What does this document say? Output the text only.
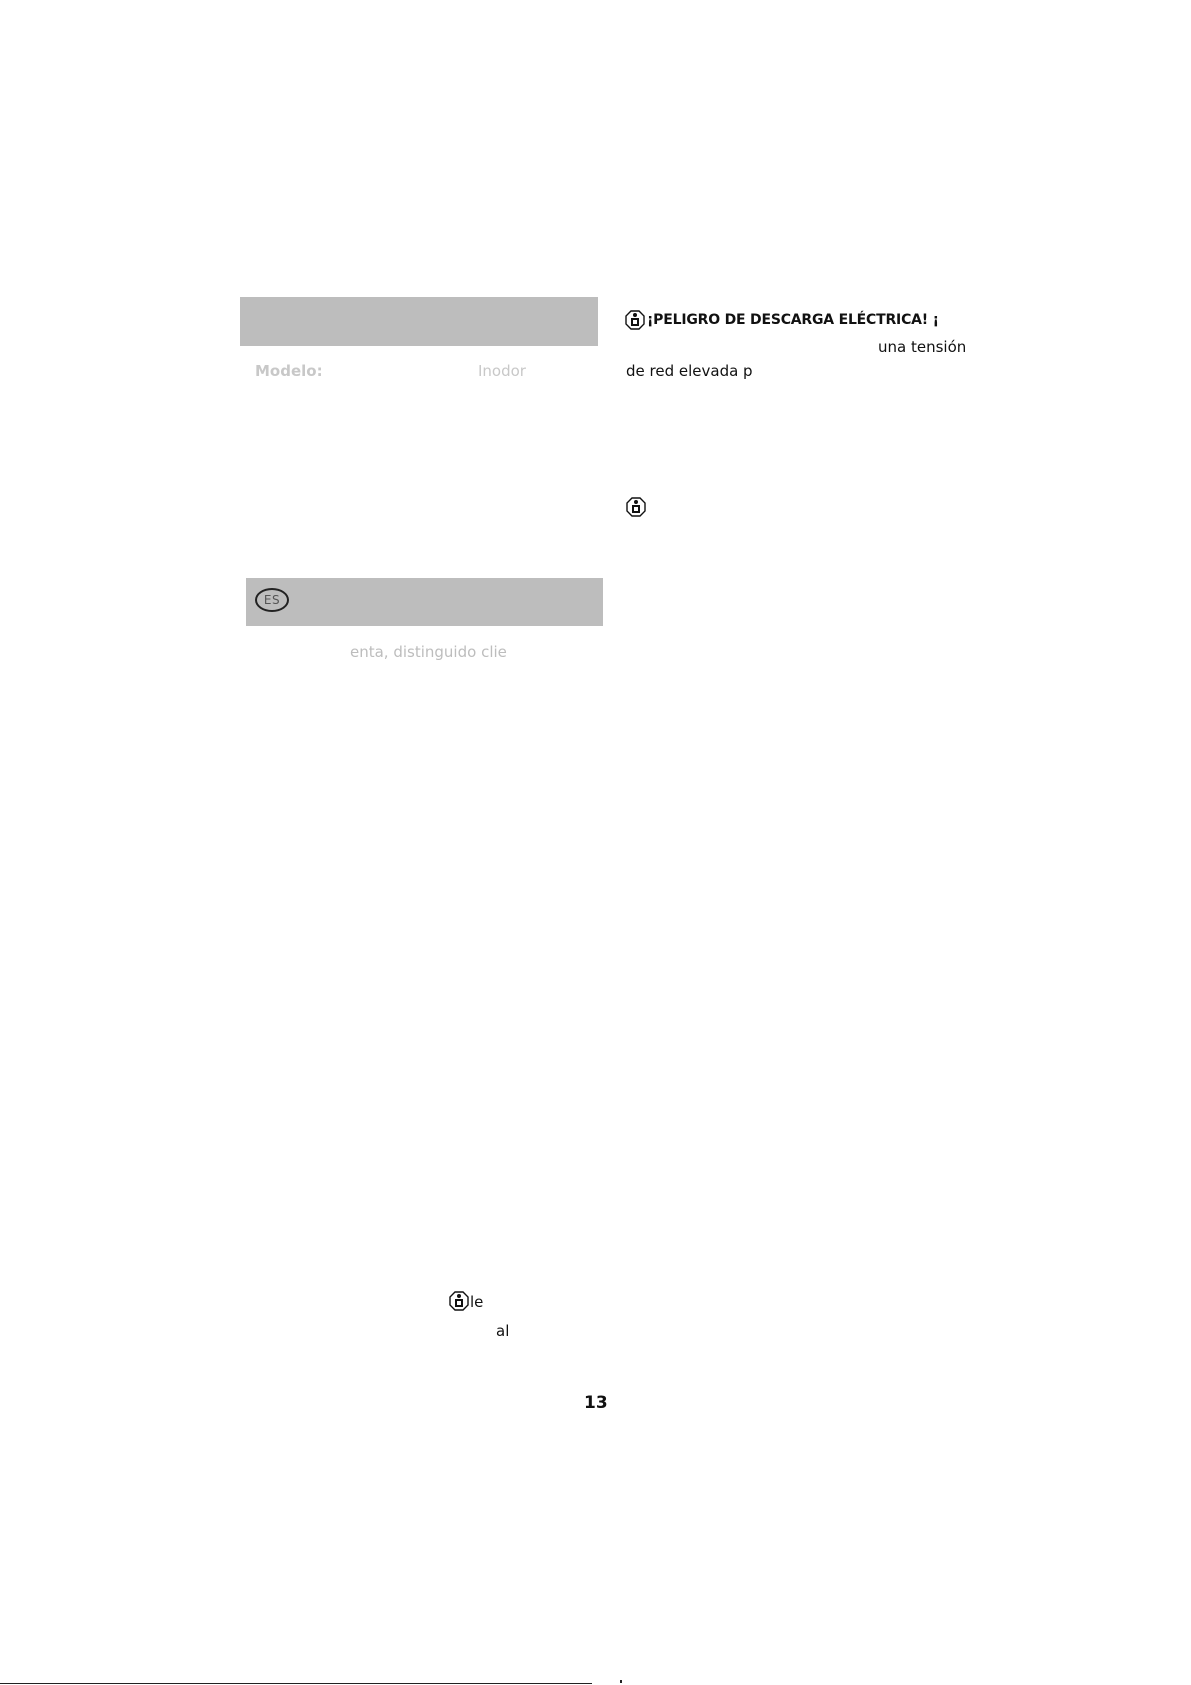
Modelo:	Inodor
ES
enta, distinguido clie
¡PELIGRO DE DESCARGA ELÉCTRICA! ¡
una tensión
de red elevada p
le
al
13
